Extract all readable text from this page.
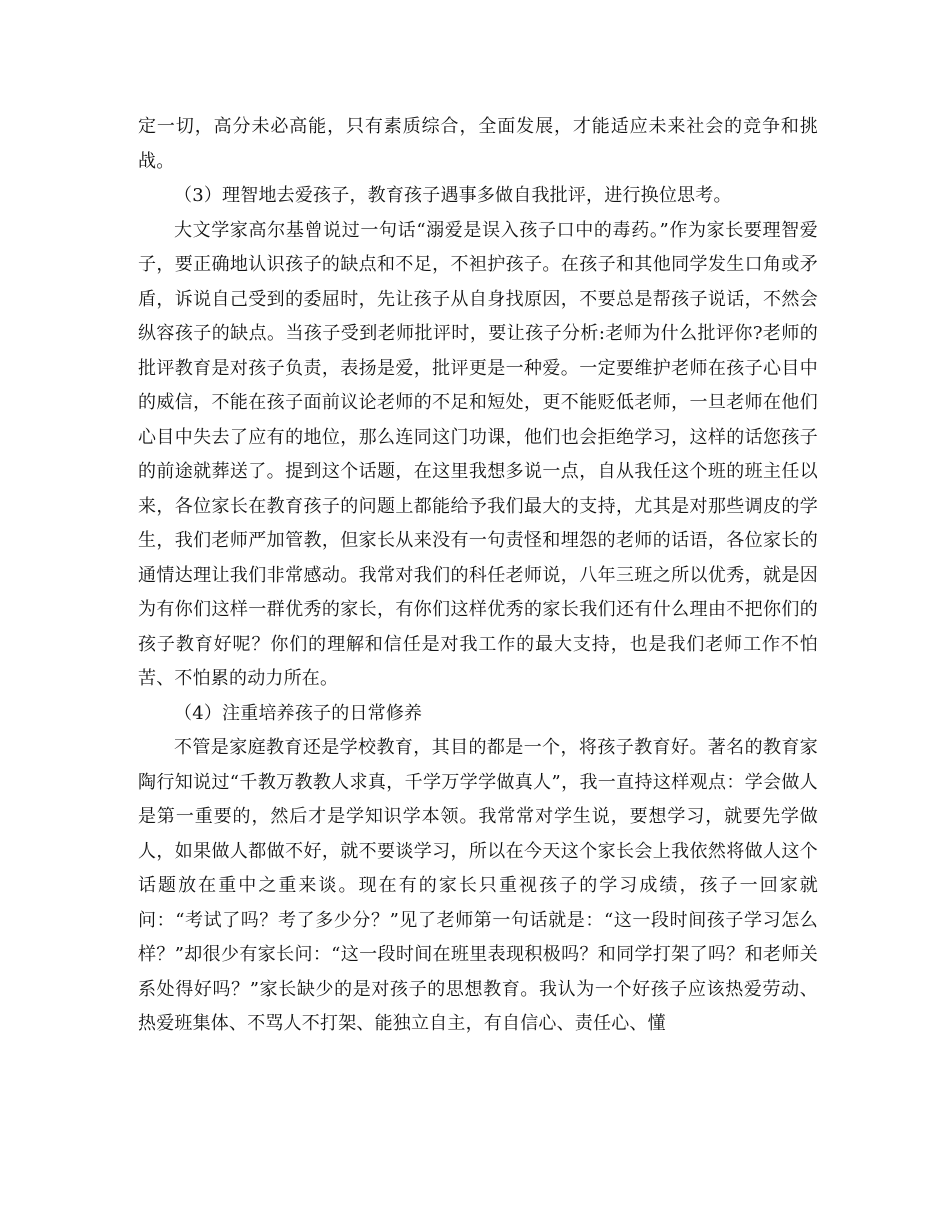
定一切，高分未必高能，只有素质综合，全面发展，才能适应未来社会的竞争和挑战。

（3）理智地去爱孩子，教育孩子遇事多做自我批评，进行换位思考。

大文学家高尔基曾说过一句话“溺爱是误入孩子口中的毒药。”作为家长要理智爱子，要正确地认识孩子的缺点和不足，不袒护孩子。在孩子和其他同学发生口角或矛盾，诉说自己受到的委屈时，先让孩子从自身找原因，不要总是帮孩子说话，不然会纵容孩子的缺点。当孩子受到老师批评时，要让孩子分析:老师为什么批评你?老师的批评教育是对孩子负责，表扬是爱，批评更是一种爱。一定要维护老师在孩子心目中的威信，不能在孩子面前议论老师的不足和短处，更不能贬低老师，一旦老师在他们心目中失去了应有的地位，那么连同这门功课，他们也会拒绝学习，这样的话您孩子的前途就葬送了。提到这个话题，在这里我想多说一点，自从我任这个班的班主任以来，各位家长在教育孩子的问题上都能给予我们最大的支持，尤其是对那些调皮的学生，我们老师严加管教，但家长从来没有一句责怪和埋怨的老师的话语，各位家长的通情达理让我们非常感动。我常对我们的科任老师说，八年三班之所以优秀，就是因为有你们这样一群优秀的家长，有你们这样优秀的家长我们还有什么理由不把你们的孩子教育好呢？你们的理解和信任是对我工作的最大支持，也是我们老师工作不怕苦、不怕累的动力所在。

（4）注重培养孩子的日常修养

不管是家庭教育还是学校教育，其目的都是一个，将孩子教育好。著名的教育家陶行知说过“千教万教教人求真，千学万学学做真人”，我一直持这样观点：学会做人是第一重要的，然后才是学知识学本领。我常常对学生说，要想学习，就要先学做人，如果做人都做不好，就不要谈学习，所以在今天这个家长会上我依然将做人这个话题放在重中之重来谈。现在有的家长只重视孩子的学习成绩，孩子一回家就问：“考试了吗？考了多少分？”见了老师第一句话就是：“这一段时间孩子学习怎么样？”却很少有家长问：“这一段时间在班里表现积极吗？和同学打架了吗？和老师关系处得好吗？”家长缺少的是对孩子的思想教育。我认为一个好孩子应该热爱劳动、热爱班集体、不骂人不打架、能独立自主，有自信心、责任心、懂
